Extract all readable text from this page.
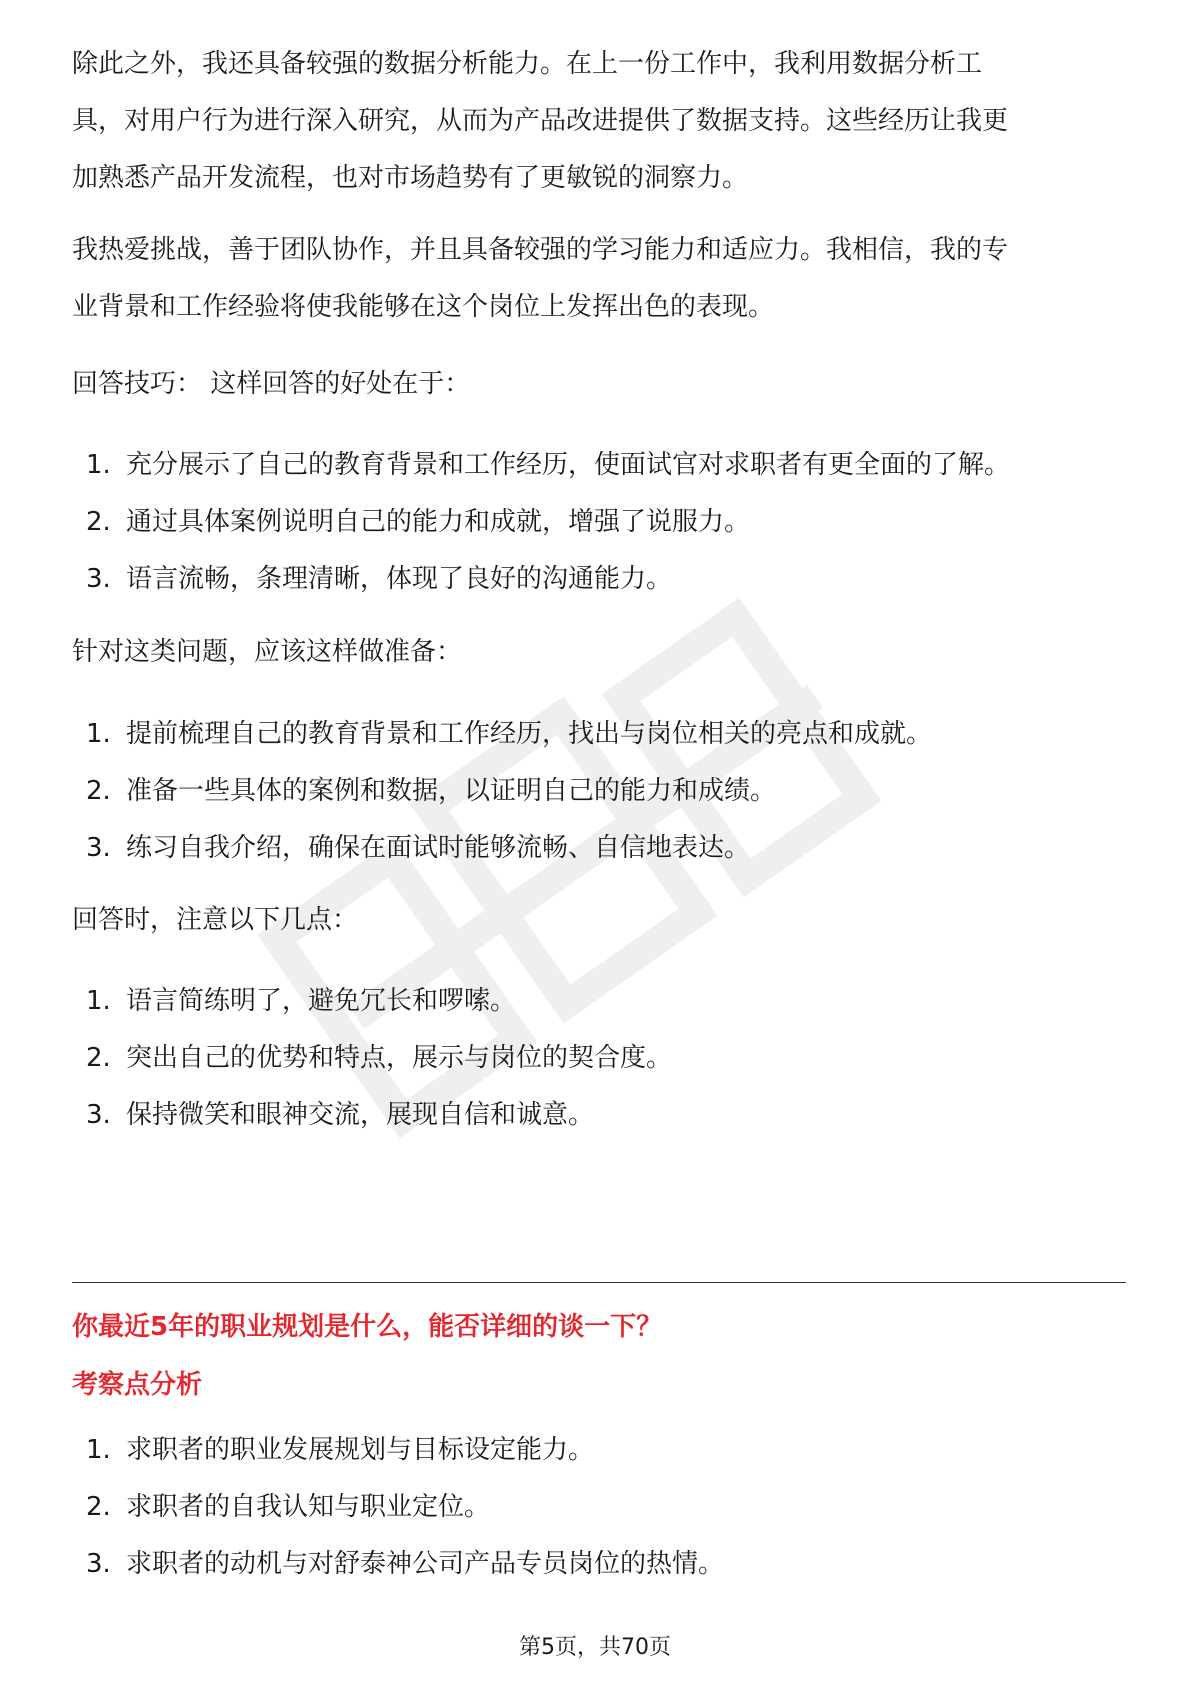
除此之外，我还具备较强的数据分析能力。在上一份工作中，我利用数据分析工
具，对用户行为进行深入研究，从而为产品改进提供了数据支持。这些经历让我更
加熟悉产品开发流程，也对市场趋势有了更敏锐的洞察力。

我热爱挑战，善于团队协作，并且具备较强的学习能力和适应力。我相信，我的专
业背景和工作经验将使我能够在这个岗位上发挥出色的表现。

回答技巧： 这样回答的好处在于：

1. 充分展示了自己的教育背景和工作经历，使面试官对求职者有更全面的了解。
2. 通过具体案例说明自己的能力和成就，增强了说服力。
3. 语言流畅，条理清晰，体现了良好的沟通能力。

针对这类问题，应该这样做准备：

1. 提前梳理自己的教育背景和工作经历，找出与岗位相关的亮点和成就。
2. 准备一些具体的案例和数据，以证明自己的能力和成绩。
3. 练习自我介绍，确保在面试时能够流畅、自信地表达。

回答时，注意以下几点：

1. 语言简练明了，避免冗长和啰嗦。
2. 突出自己的优势和特点，展示与岗位的契合度。
3. 保持微笑和眼神交流，展现自信和诚意。

你最近5年的职业规划是什么，能否详细的谈一下？

考察点分析

1. 求职者的职业发展规划与目标设定能力。
2. 求职者的自我认知与职业定位。
3. 求职者的动机与对舒泰神公司产品专员岗位的热情。
第5页，共70页
